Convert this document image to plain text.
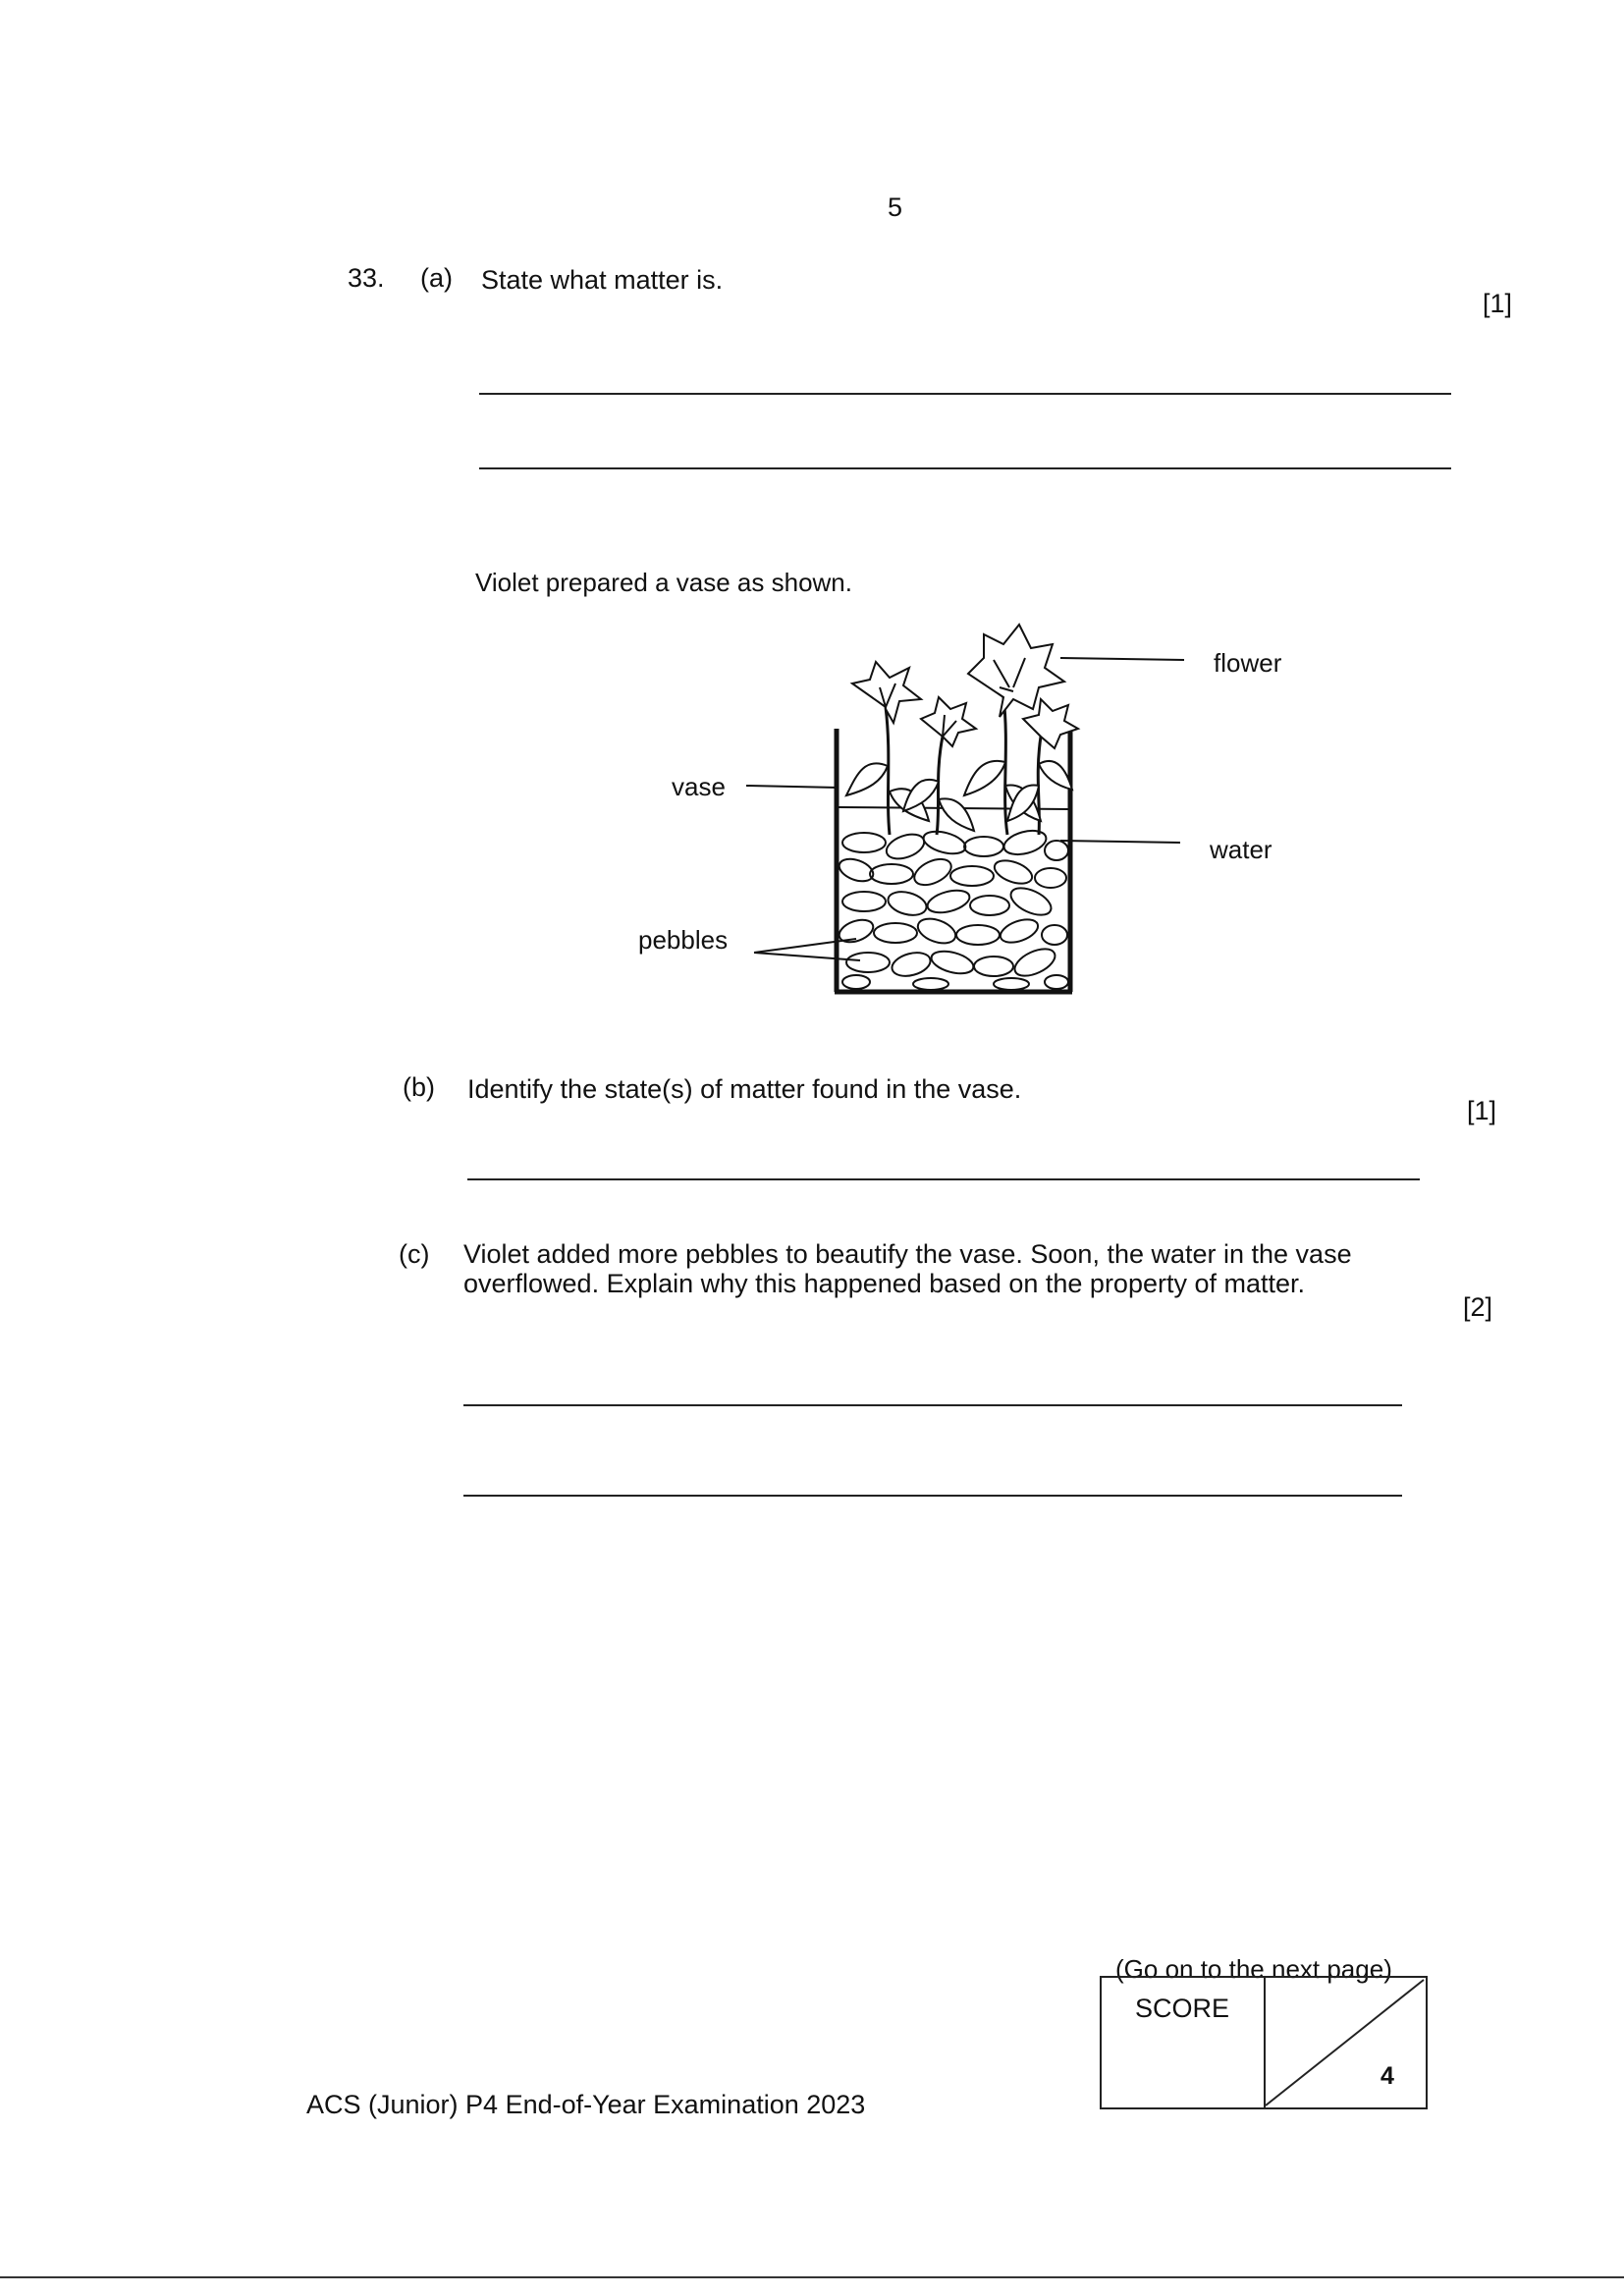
5
33. (a) State what matter is.
[1]
Violet prepared a vase as shown.
flower
vase
water
pebbles
(b) Identify the state(s) of matter found in the vase.
[1]
(c) Violet added more pebbles to beautify the vase. Soon, the water in the vase overflowed. Explain why this happened based on the property of matter.
[2]
(Go on to the next page)
SCORE
4
ACS (Junior) P4 End-of-Year Examination 2023
